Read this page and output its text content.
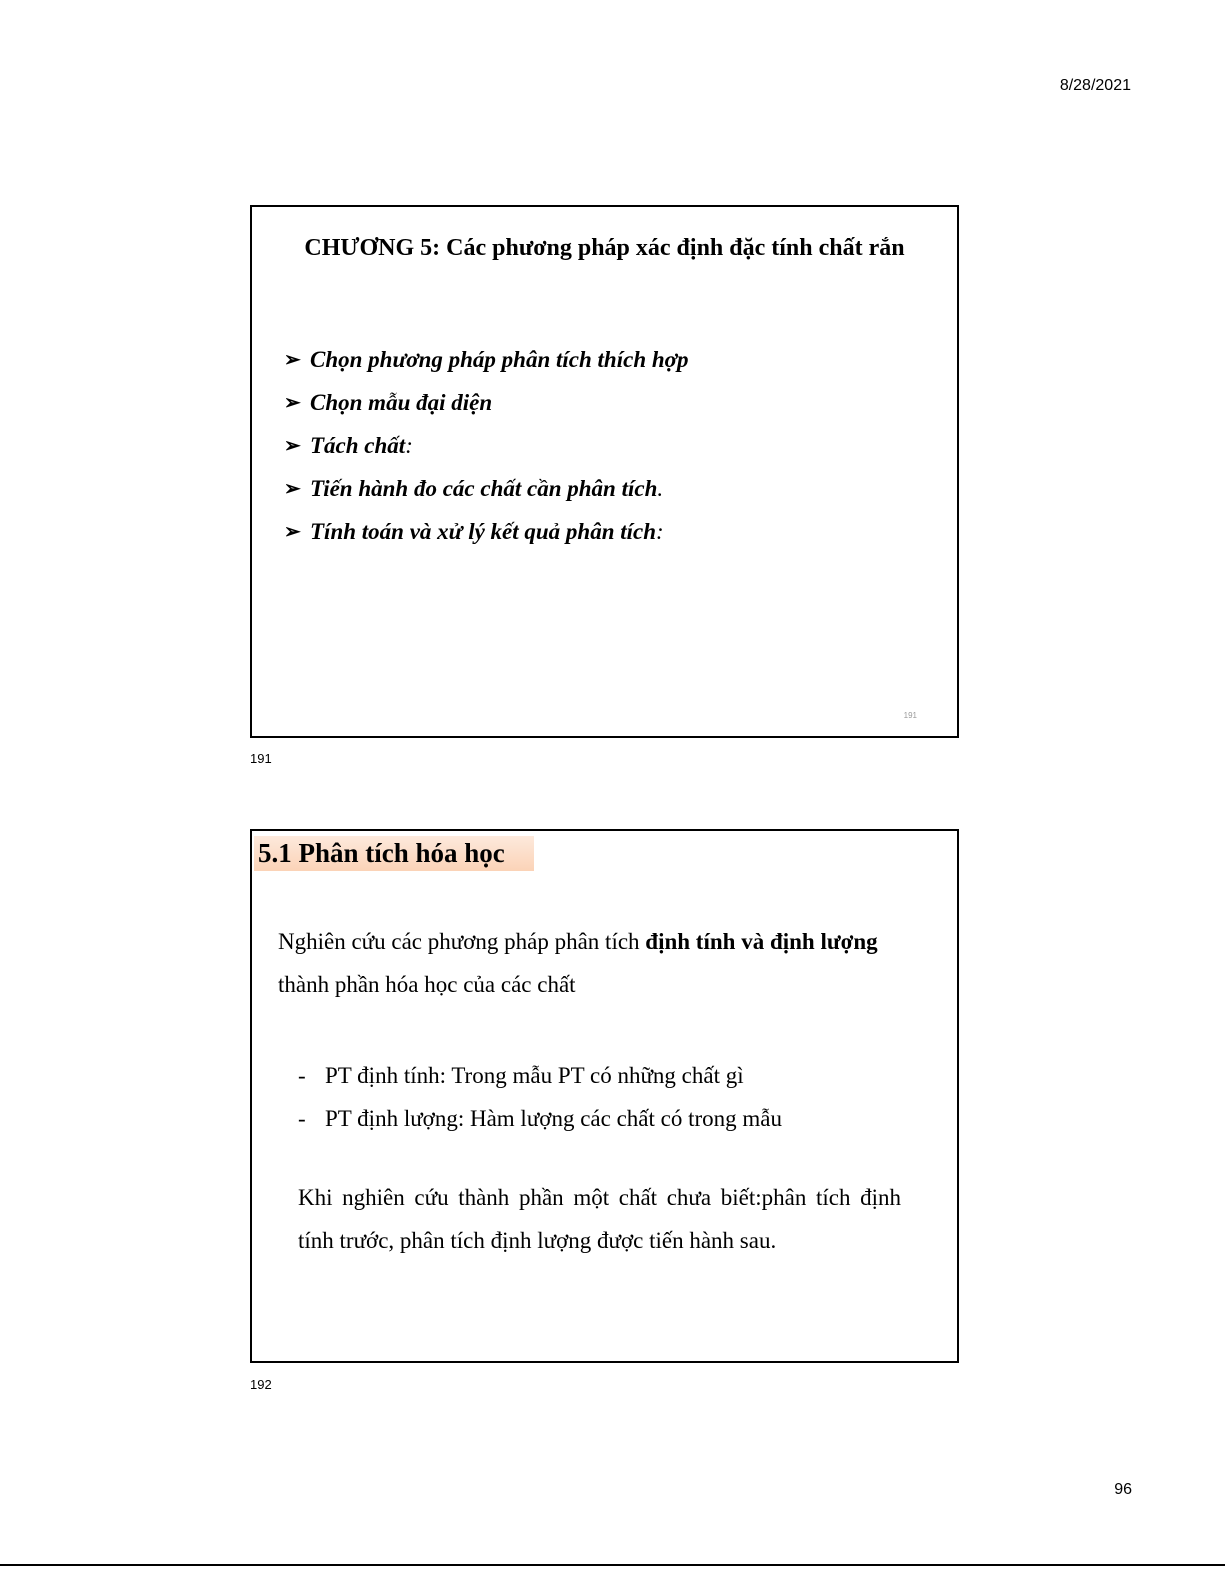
8/28/2021
CHƯƠNG 5: Các phương pháp xác định đặc tính chất rắn
➢ Chọn phương pháp phân tích thích hợp
➢ Chọn mẫu đại diện
➢ Tách chất :
➢ Tiến hành đo các chất cần phân tích .
➢ Tính toán và xử lý kết quả phân tích :
191
191
5.1 Phân tích hóa học
Nghiên cứu các phương pháp phân tích định tính và định lượng thành phần hóa học của các chất
- PT định tính: Trong mẫu PT có những chất gì
- PT định lượng: Hàm lượng các chất có trong mẫu
Khi nghiên cứu thành phần một chất chưa biết:phân tích định tính trước, phân tích định lượng được tiến hành sau.
192
96
